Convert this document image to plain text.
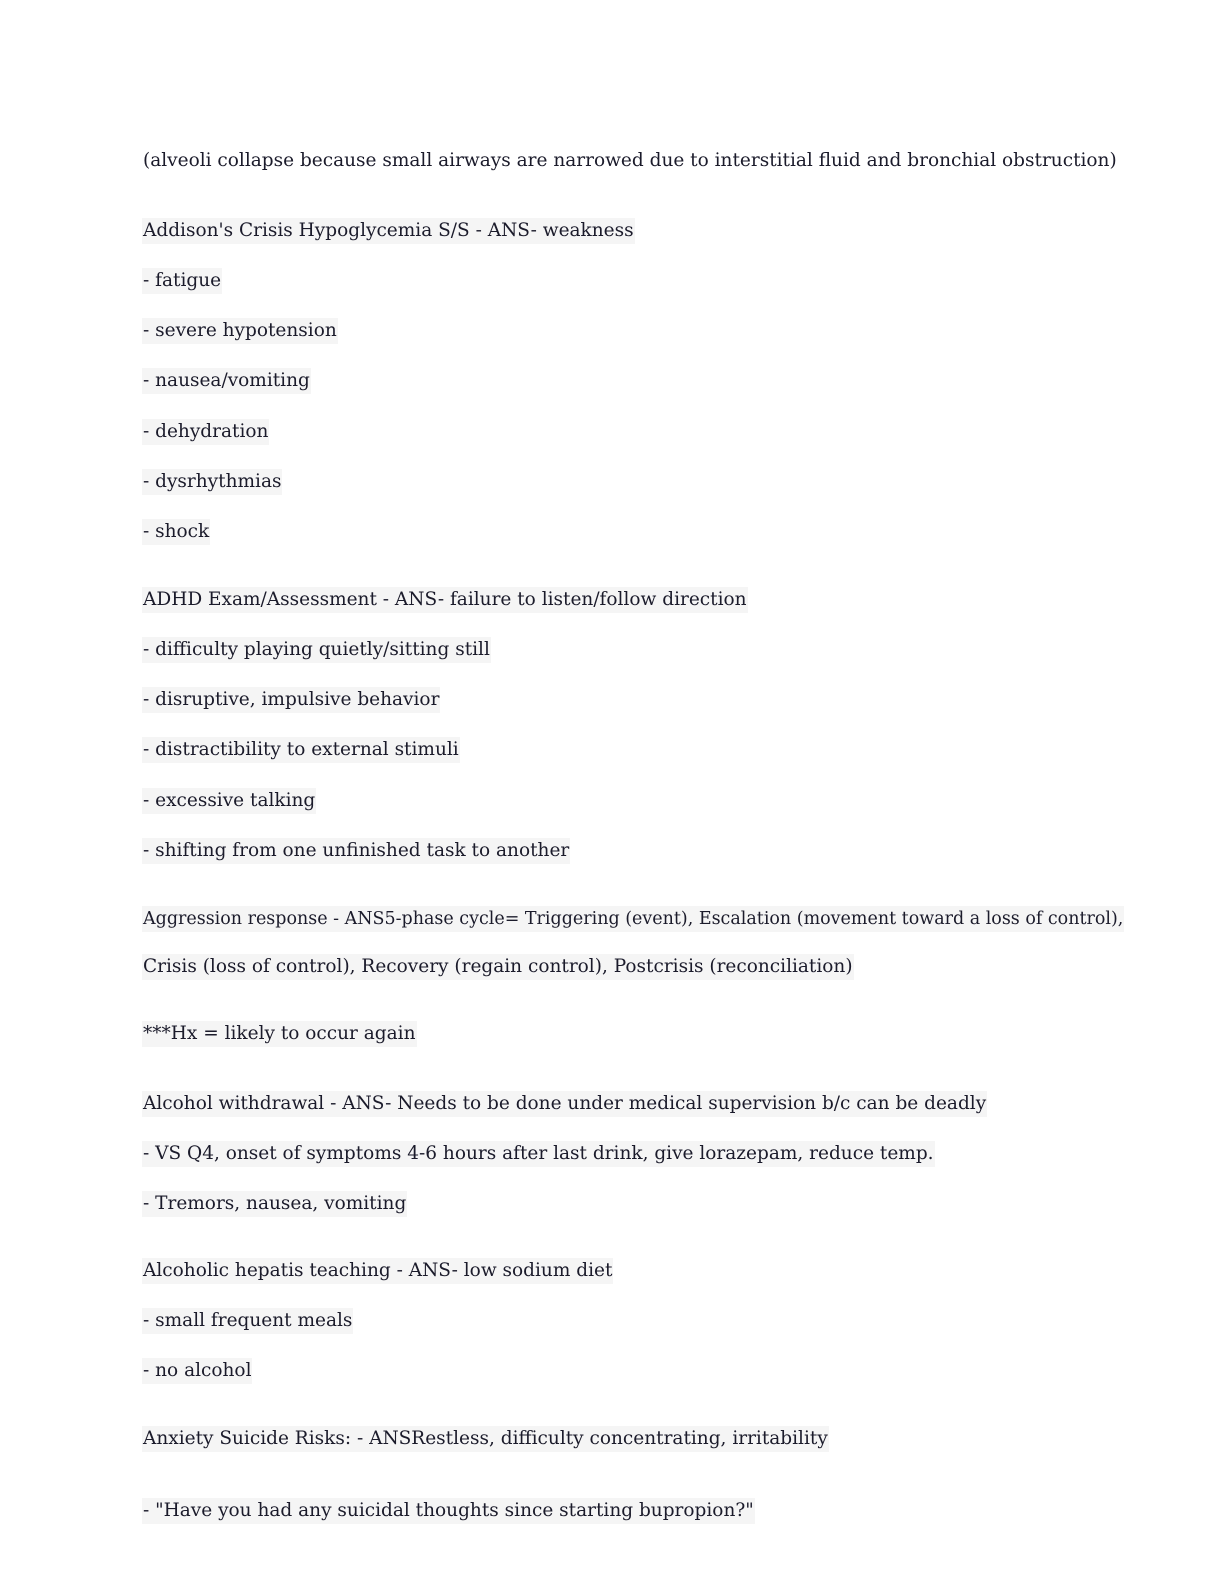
(alveoli collapse because small airways are narrowed due to interstitial fluid and bronchial obstruction)
Addison's Crisis Hypoglycemia S/S - ANS- weakness
- fatigue
- severe hypotension
- nausea/vomiting
- dehydration
- dysrhythmias
- shock
ADHD Exam/Assessment - ANS- failure to listen/follow direction
- difficulty playing quietly/sitting still
- disruptive, impulsive behavior
- distractibility to external stimuli
- excessive talking
- shifting from one unfinished task to another
Aggression response - ANS5-phase cycle= Triggering (event), Escalation (movement toward a loss of control),
Crisis (loss of control), Recovery (regain control), Postcrisis (reconciliation)
***Hx = likely to occur again
Alcohol withdrawal - ANS- Needs to be done under medical supervision b/c can be deadly
- VS Q4, onset of symptoms 4-6 hours after last drink, give lorazepam, reduce temp.
- Tremors, nausea, vomiting
Alcoholic hepatis teaching - ANS- low sodium diet
- small frequent meals
- no alcohol
Anxiety Suicide Risks: - ANSRestless, difficulty concentrating, irritability
- "Have you had any suicidal thoughts since starting bupropion?"
